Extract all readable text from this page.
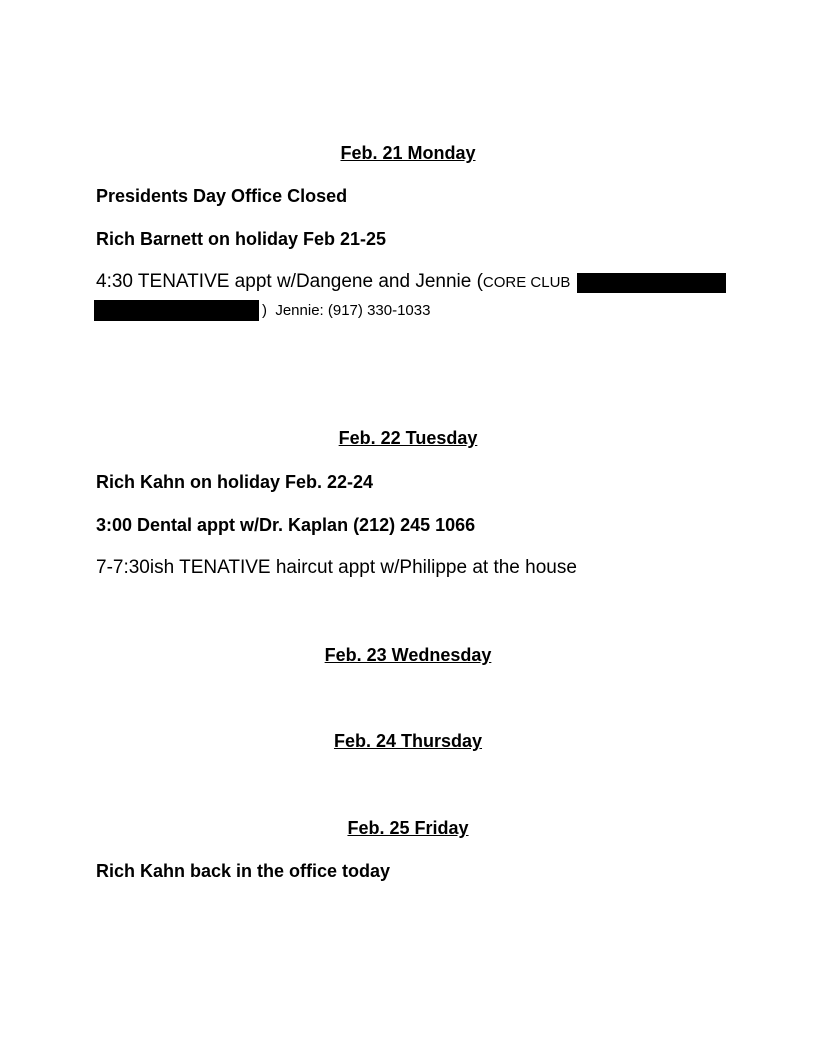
Feb. 21 Monday
Presidents Day Office Closed
Rich Barnett on holiday Feb 21-25
4:30 TENATIVE appt w/Dangene and Jennie (CORE CLUB
) Jennie: (917) 330-1033
Feb. 22 Tuesday
Rich Kahn on holiday Feb. 22-24
3:00 Dental appt w/Dr. Kaplan (212) 245 1066
7-7:30ish TENATIVE haircut appt w/Philippe at the house
Feb. 23 Wednesday
Feb. 24 Thursday
Feb. 25 Friday
Rich Kahn back in the office today
